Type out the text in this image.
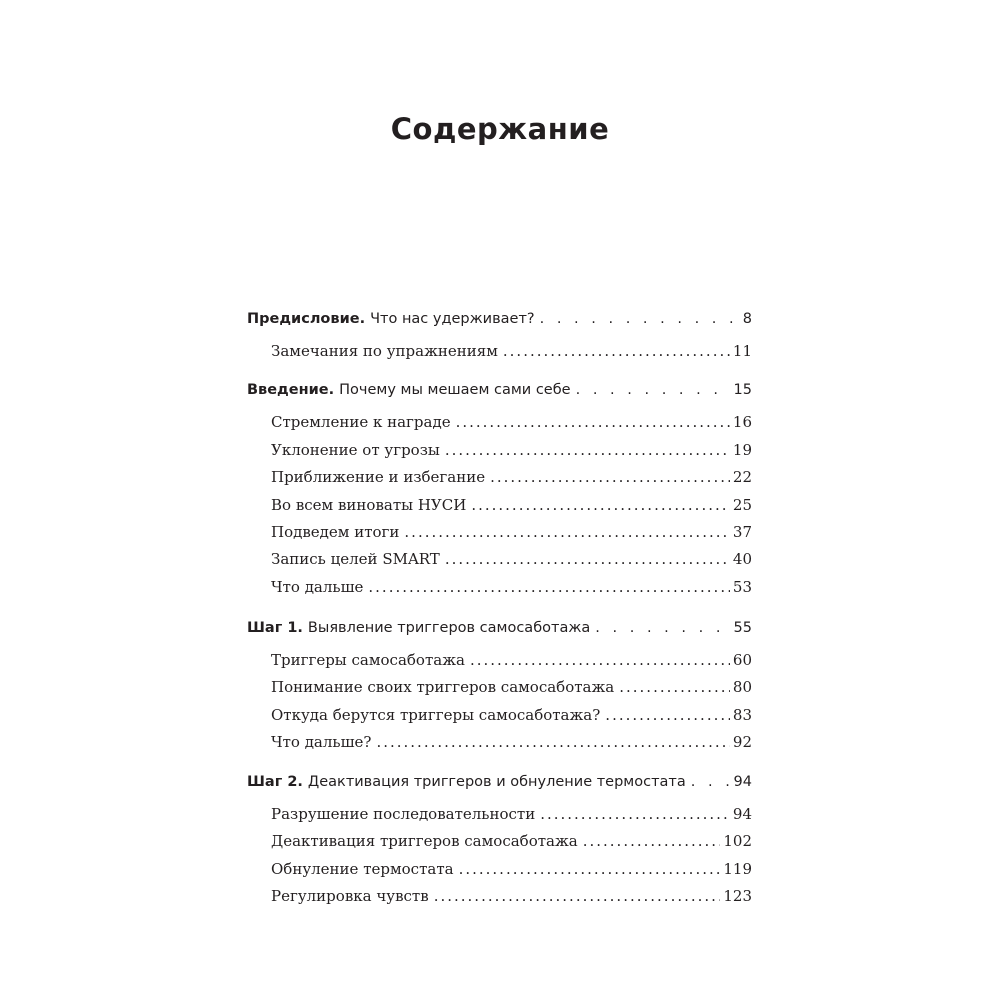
Содержание
Предисловие. Что нас удерживает? . . .	8
Замечания по упражнениям .....	11
Введение. Почему мы мешаем сами себе . . .	15
Стремление к награде .....	16
Уклонение от угрозы .....	19
Приближение и избегание .....	22
Во всем виноваты НУСИ .....	25
Подведем итоги .....	37
Запись целей SMART .....	40
Что дальше .....	53
Шаг 1. Выявление триггеров самосаботажа . . .	55
Триггеры самосаботажа .....	60
Понимание своих триггеров самосаботажа .....	80
Откуда берутся триггеры самосаботажа? .....	83
Что дальше? .....	92
Шаг 2. Деактивация триггеров и обнуление термостата . . .	94
Разрушение последовательности .....	94
Деактивация триггеров самосаботажа .....	102
Обнуление термостата .....	119
Регулировка чувств .....	123
